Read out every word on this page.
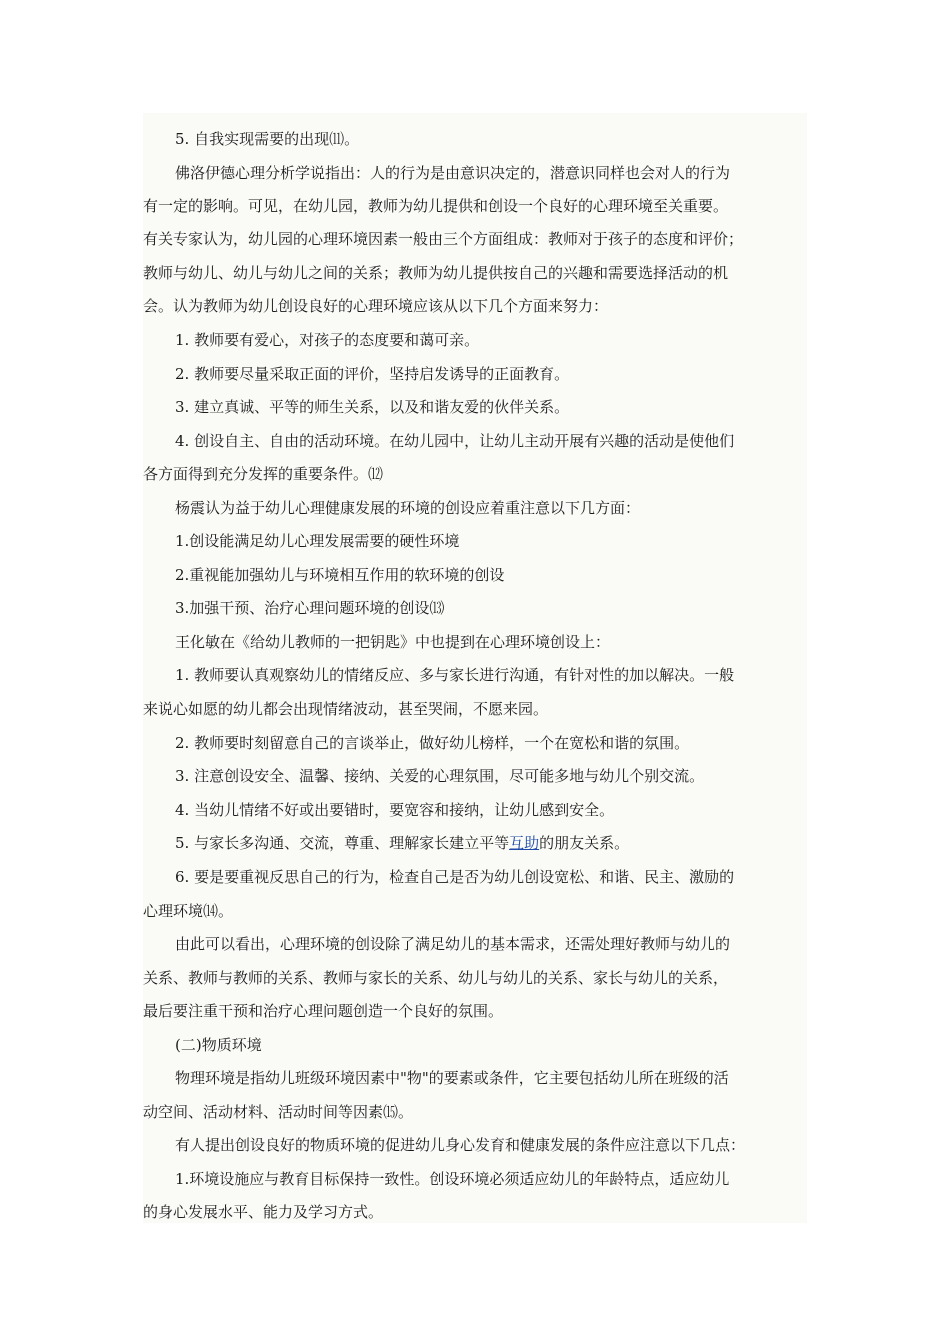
5. 自我实现需要的出现⑾。
佛洛伊德心理分析学说指出：人的行为是由意识决定的，潜意识同样也会对人的行为
有一定的影响。可见，在幼儿园，教师为幼儿提供和创设一个良好的心理环境至关重要。
有关专家认为，幼儿园的心理环境因素一般由三个方面组成：教师对于孩子的态度和评价；
教师与幼儿、幼儿与幼儿之间的关系；教师为幼儿提供按自己的兴趣和需要选择活动的机
会。认为教师为幼儿创设良好的心理环境应该从以下几个方面来努力：
1. 教师要有爱心，对孩子的态度要和蔼可亲。
2. 教师要尽量采取正面的评价，坚持启发诱导的正面教育。
3. 建立真诚、平等的师生关系，以及和谐友爱的伙伴关系。
4. 创设自主、自由的活动环境。在幼儿园中，让幼儿主动开展有兴趣的活动是使他们
各方面得到充分发挥的重要条件。⑿
杨震认为益于幼儿心理健康发展的环境的创设应着重注意以下几方面：
1.创设能满足幼儿心理发展需要的硬性环境
2.重视能加强幼儿与环境相互作用的软环境的创设
3.加强干预、治疗心理问题环境的创设⒀
王化敏在《给幼儿教师的一把钥匙》中也提到在心理环境创设上：
1. 教师要认真观察幼儿的情绪反应、多与家长进行沟通，有针对性的加以解决。一般
来说心如愿的幼儿都会出现情绪波动，甚至哭闹，不愿来园。
2. 教师要时刻留意自己的言谈举止，做好幼儿榜样，一个在宽松和谐的氛围。
3. 注意创设安全、温馨、接纳、关爱的心理氛围，尽可能多地与幼儿个别交流。
4. 当幼儿情绪不好或出要错时，要宽容和接纳，让幼儿感到安全。
5. 与家长多沟通、交流，尊重、理解家长建立平等互助的朋友关系。
6. 要是要重视反思自己的行为，检查自己是否为幼儿创设宽松、和谐、民主、激励的
心理环境⒁。
由此可以看出，心理环境的创设除了满足幼儿的基本需求，还需处理好教师与幼儿的
关系、教师与教师的关系、教师与家长的关系、幼儿与幼儿的关系、家长与幼儿的关系，
最后要注重干预和治疗心理问题创造一个良好的氛围。
(二)物质环境
物理环境是指幼儿班级环境因素中"物"的要素或条件，它主要包括幼儿所在班级的活
动空间、活动材料、活动时间等因素⒂。
有人提出创设良好的物质环境的促进幼儿身心发育和健康发展的条件应注意以下几点：
1.环境设施应与教育目标保持一致性。创设环境必须适应幼儿的年龄特点，适应幼儿
的身心发展水平、能力及学习方式。
